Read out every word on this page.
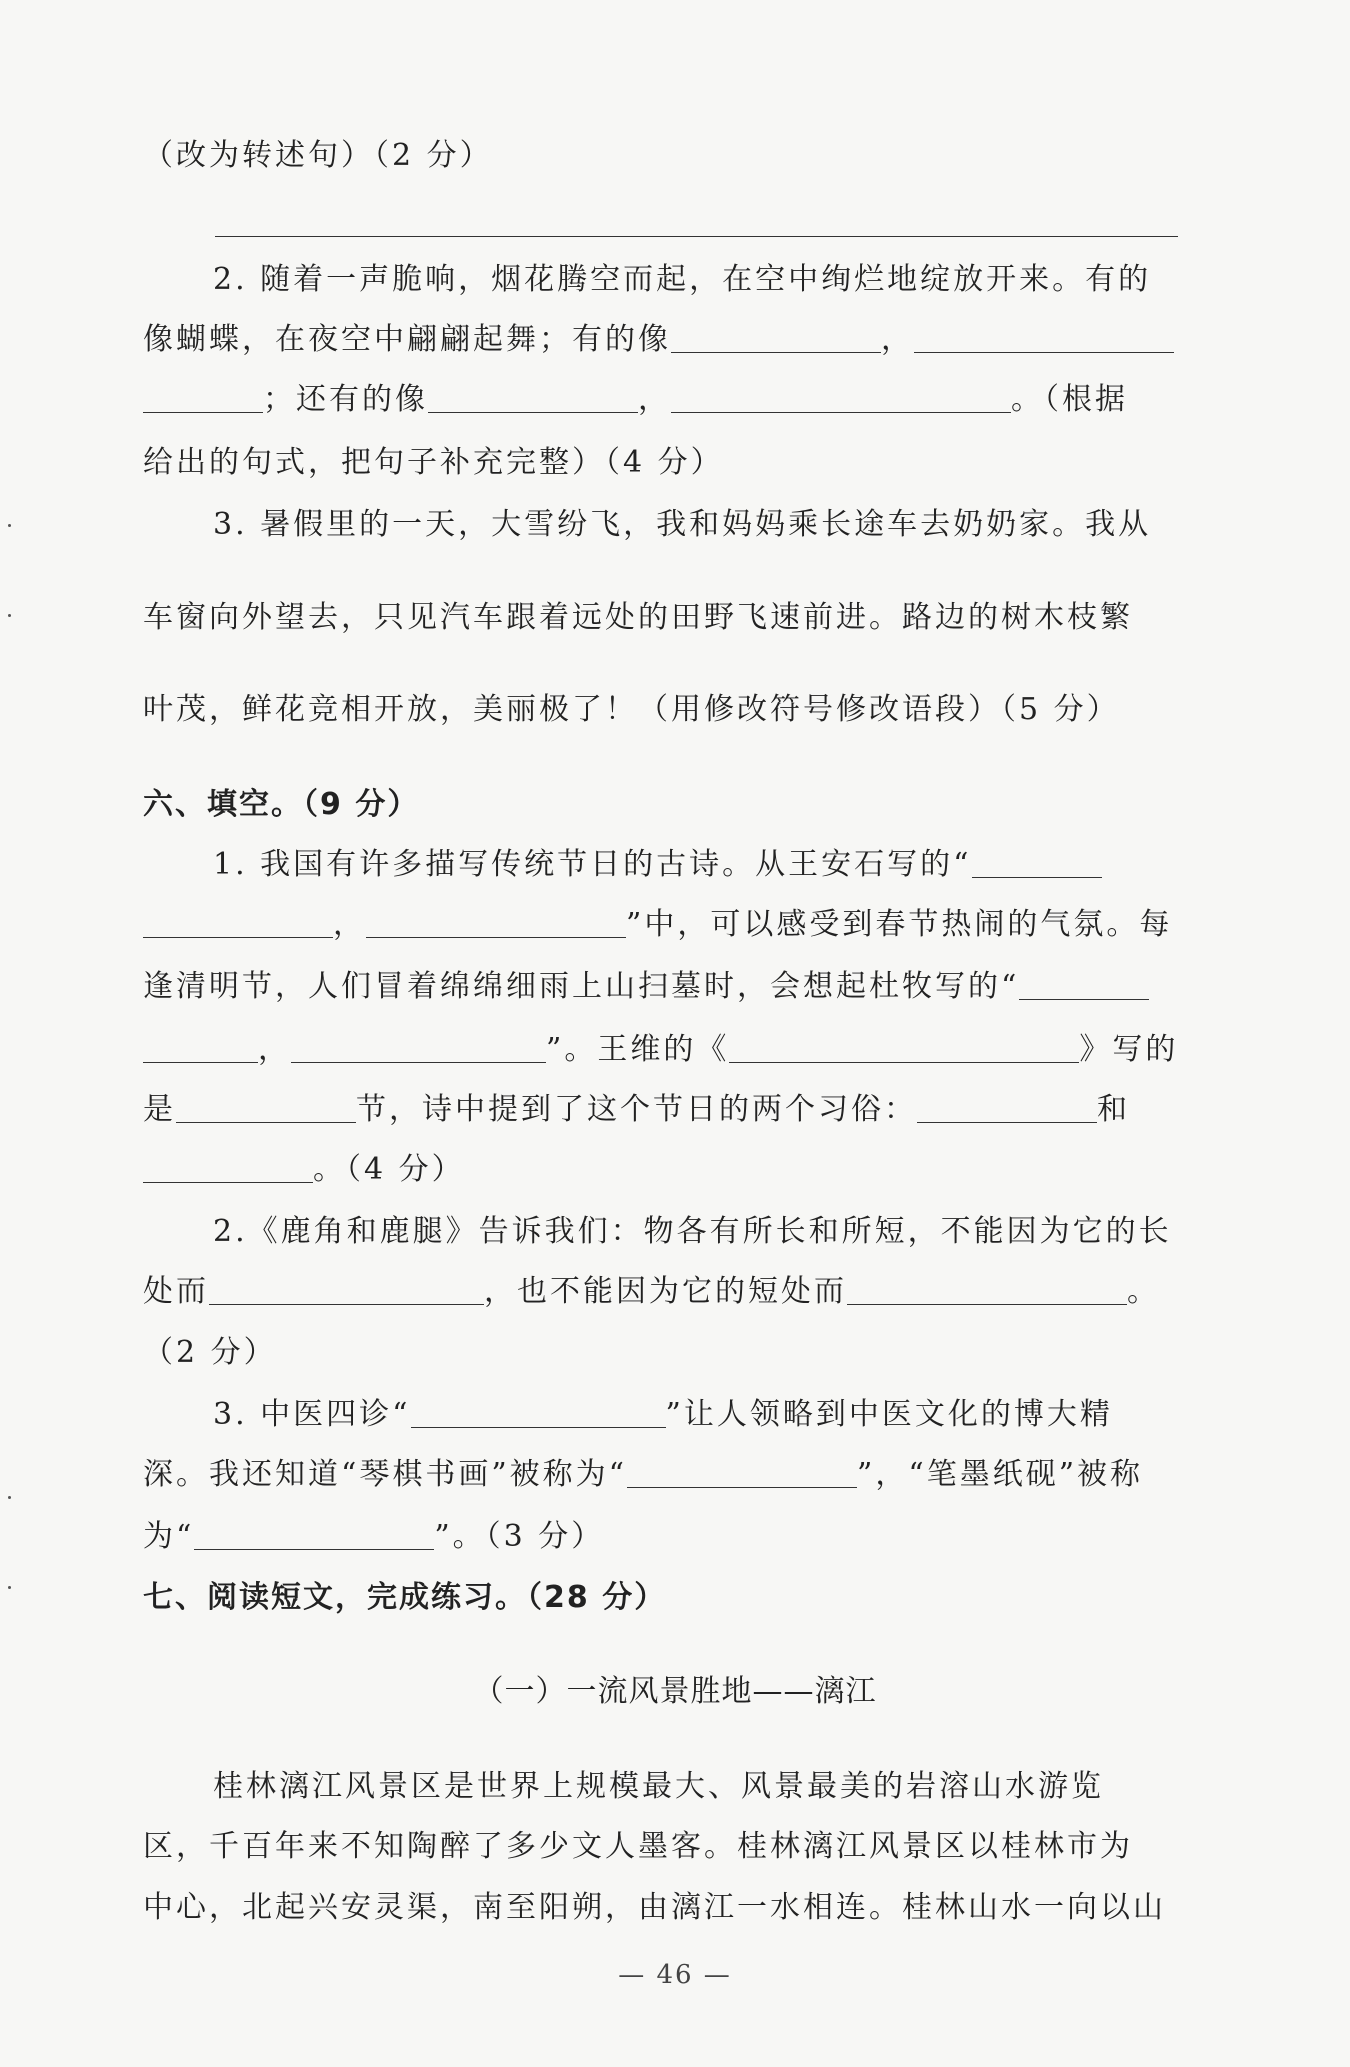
（改为转述句）（2 分）
2. 随着一声脆响，烟花腾空而起，在空中绚烂地绽放开来。有的
像蝴蝶，在夜空中翩翩起舞；有的像	，
；还有的像	，	。（根据
给出的句式，把句子补充完整）（4 分）
3. 暑假里的一天，大雪纷飞，我和妈妈乘长途车去奶奶家。我从
车窗向外望去，只见汽车跟着远处的田野飞速前进。路边的树木枝繁
叶茂，鲜花竞相开放，美丽极了！（用修改符号修改语段）（5 分）
六、填空。（9 分）
1. 我国有许多描写传统节日的古诗。从王安石写的“
，	”中，可以感受到春节热闹的气氛。每
逢清明节，人们冒着绵绵细雨上山扫墓时，会想起杜牧写的“
，	”。王维的《	》写的
是	节，诗中提到了这个节日的两个习俗：	和
。（4 分）
2.《鹿角和鹿腿》告诉我们：物各有所长和所短，不能因为它的长
处而	，也不能因为它的短处而	。
（2 分）
3. 中医四诊“	”让人领略到中医文化的博大精
深。我还知道“琴棋书画”被称为“	”，“笔墨纸砚”被称
为“	”。（3 分）
七、阅读短文，完成练习。（28 分）
（一）一流风景胜地——漓江
桂林漓江风景区是世界上规模最大、风景最美的岩溶山水游览
区，千百年来不知陶醉了多少文人墨客。桂林漓江风景区以桂林市为
中心，北起兴安灵渠，南至阳朔，由漓江一水相连。桂林山水一向以山
— 46 —
